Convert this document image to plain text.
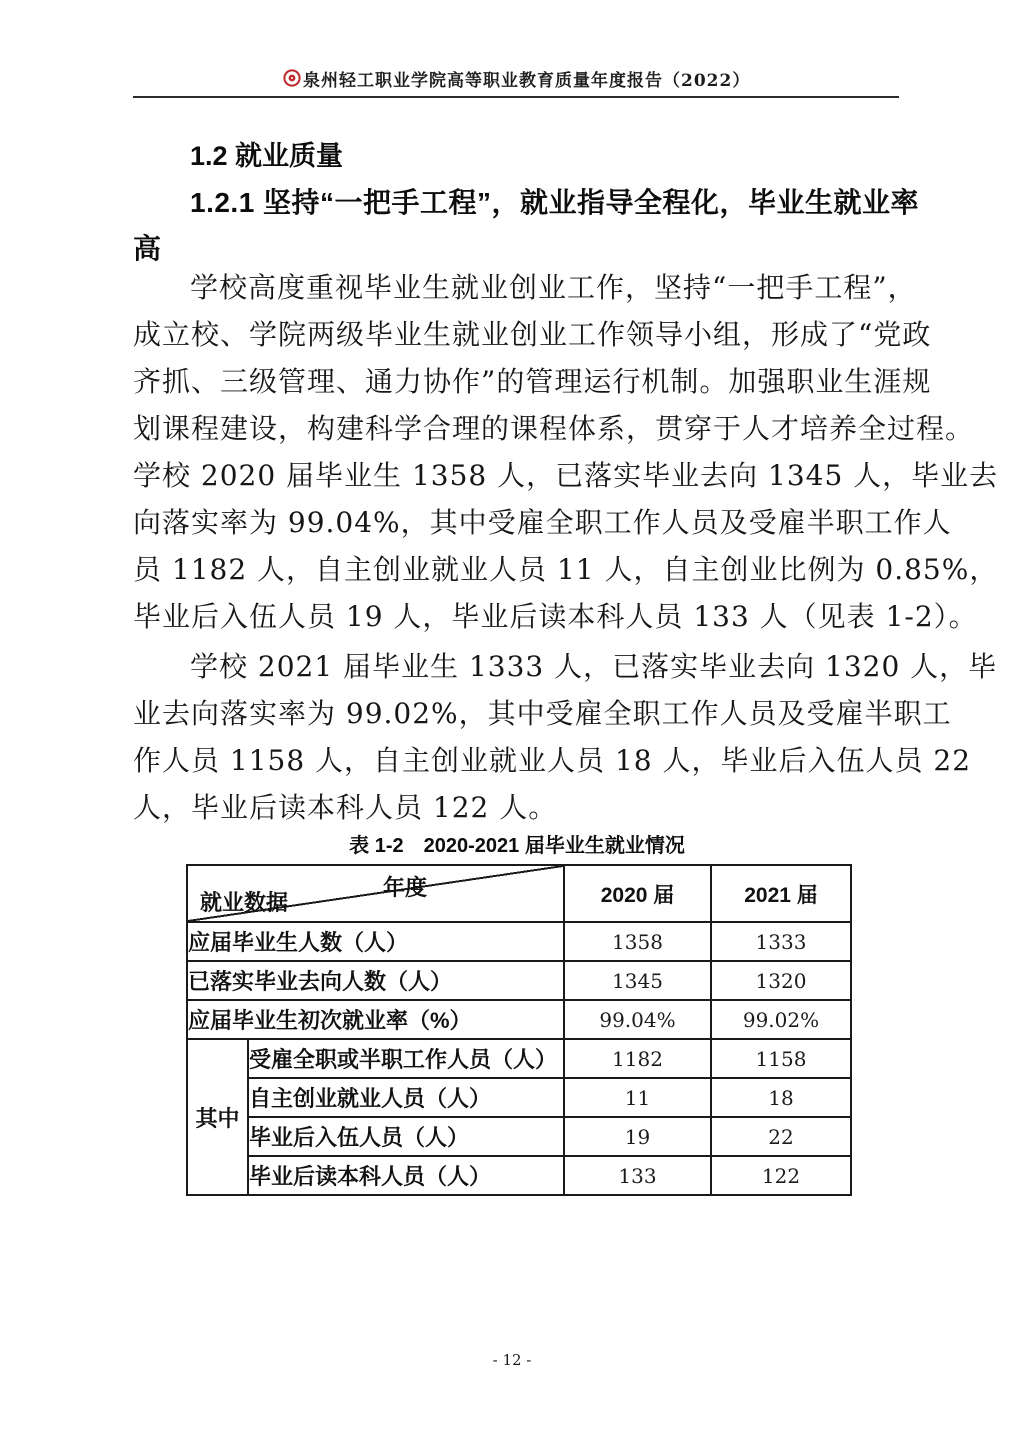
泉州轻工职业学院高等职业教育质量年度报告（2022）
1.2 就业质量
1.2.1 坚持“一把手工程”，就业指导全程化，毕业生就业率
高
学校高度重视毕业生就业创业工作，坚持“一把手工程”，
成立校、学院两级毕业生就业创业工作领导小组，形成了“党政
齐抓、三级管理、通力协作”的管理运行机制。加强职业生涯规
划课程建设，构建科学合理的课程体系，贯穿于人才培养全过程。
学校 2020 届毕业生 1358 人，已落实毕业去向 1345 人，毕业去
向落实率为 99.04%，其中受雇全职工作人员及受雇半职工作人
员 1182 人，自主创业就业人员 11 人，自主创业比例为 0.85%，
毕业后入伍人员 19 人，毕业后读本科人员 133 人（见表 1-2）。
学校 2021 届毕业生 1333 人，已落实毕业去向 1320 人，毕
业去向落实率为 99.02%，其中受雇全职工作人员及受雇半职工
作人员 1158 人，自主创业就业人员 18 人，毕业后入伍人员 22
人，毕业后读本科人员 122 人。
表 1-2　2020-2021 届毕业生就业情况
年度
就业数据		2020 届	2021 届
应届毕业生人数（人）		1358	1333
已落实毕业去向人数（人）		1345	1320
应届毕业生初次就业率（%）		99.04%	99.02%
其中	受雇全职或半职工作人员（人）	1182	1158
	自主创业就业人员（人）	11	18
	毕业后入伍人员（人）	19	22
	毕业后读本科人员（人）	133	122
- 12 -
